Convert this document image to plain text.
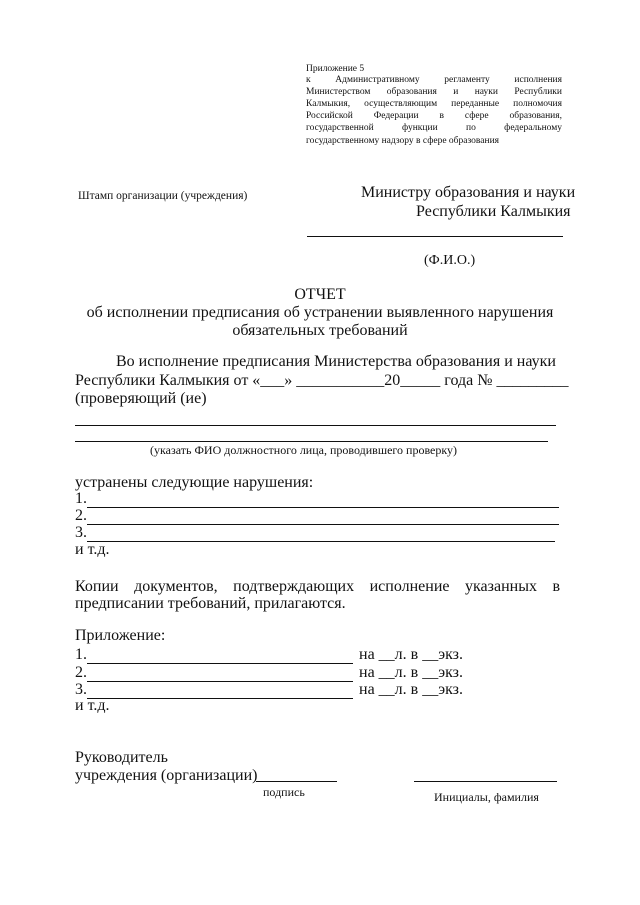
Приложение 5
к Административному регламенту исполнения
Министерством образования и науки Республики
Калмыкия, осуществляющим переданные полномочия
Российской Федерации в сфере образования,
государственной функции по федеральному
государственному надзору в сфере образования
Штамп организации (учреждения)	Министру образования и науки
Республики Калмыкия
(Ф.И.О.)
ОТЧЕТ
об исполнении предписания об устранении выявленного нарушения
обязательных требований
Во исполнение предписания Министерства образования и науки
Республики Калмыкия от «___» ___________20_____ года № _________
(проверяющий (ие)
(указать ФИО должностного лица, проводившего проверку)
устранены следующие нарушения:
1.
2.
3.
и т.д.
Копии документов, подтверждающих исполнение указанных в
предписании требований, прилагаются.
Приложение:
1.	на __л. в __экз.
2.	на __л. в __экз.
3.	на __л. в __экз.
и т.д.
Руководитель
учреждения (организации)
подпись	Инициалы, фамилия
